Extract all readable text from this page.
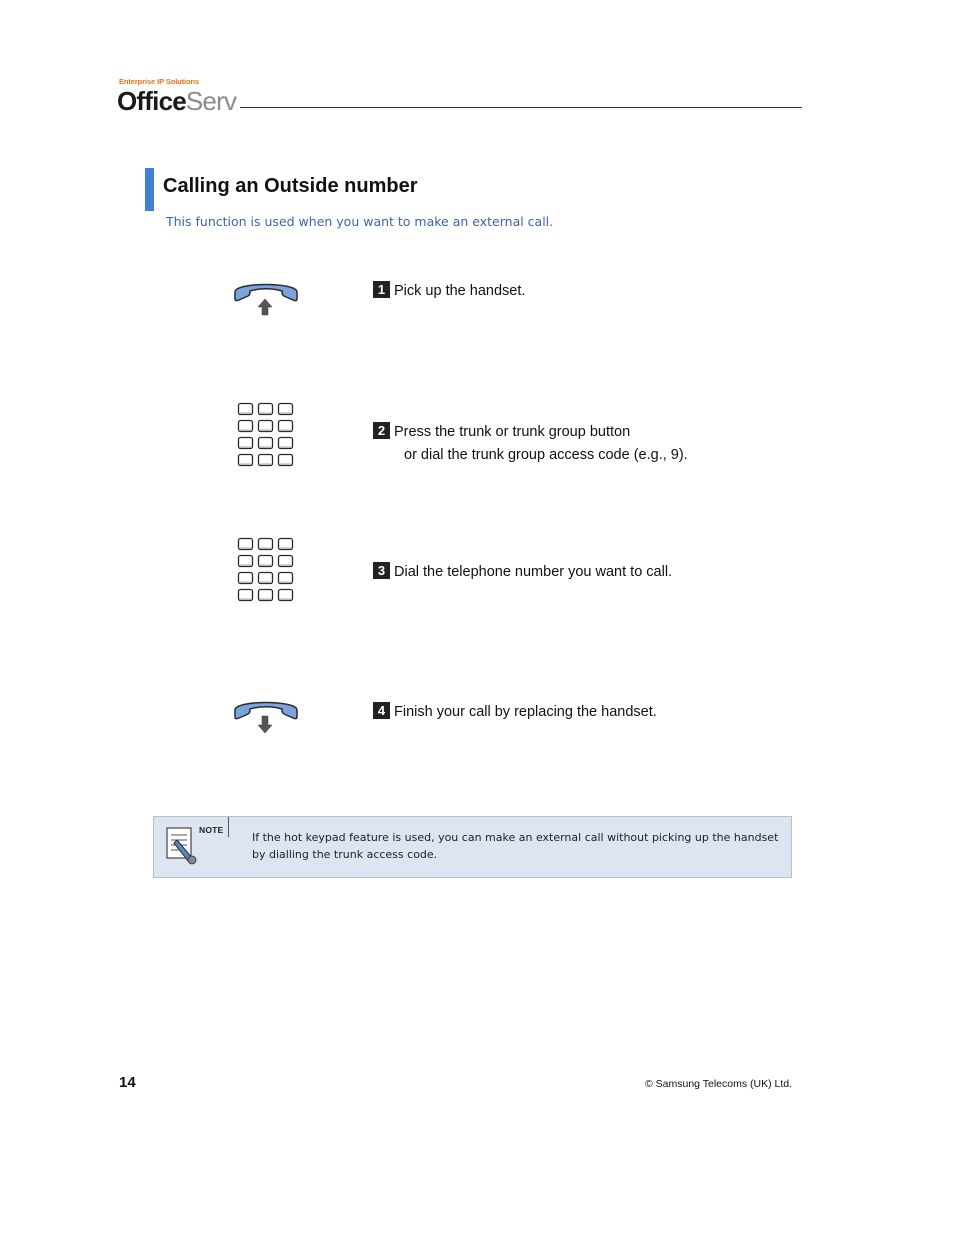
Enterprise IP Solutions
OfficeServ
Calling an Outside number
This function is used when you want to make an external call.
1 Pick up the handset.
2 Press the trunk or trunk group button
or dial the trunk group access code (e.g., 9).
3 Dial the telephone number you want to call.
4 Finish your call by replacing the handset.
NOTE
If the hot keypad feature is used, you can make an external call without picking up the handset
by dialling the trunk access code.
14	© Samsung Telecoms (UK) Ltd.
